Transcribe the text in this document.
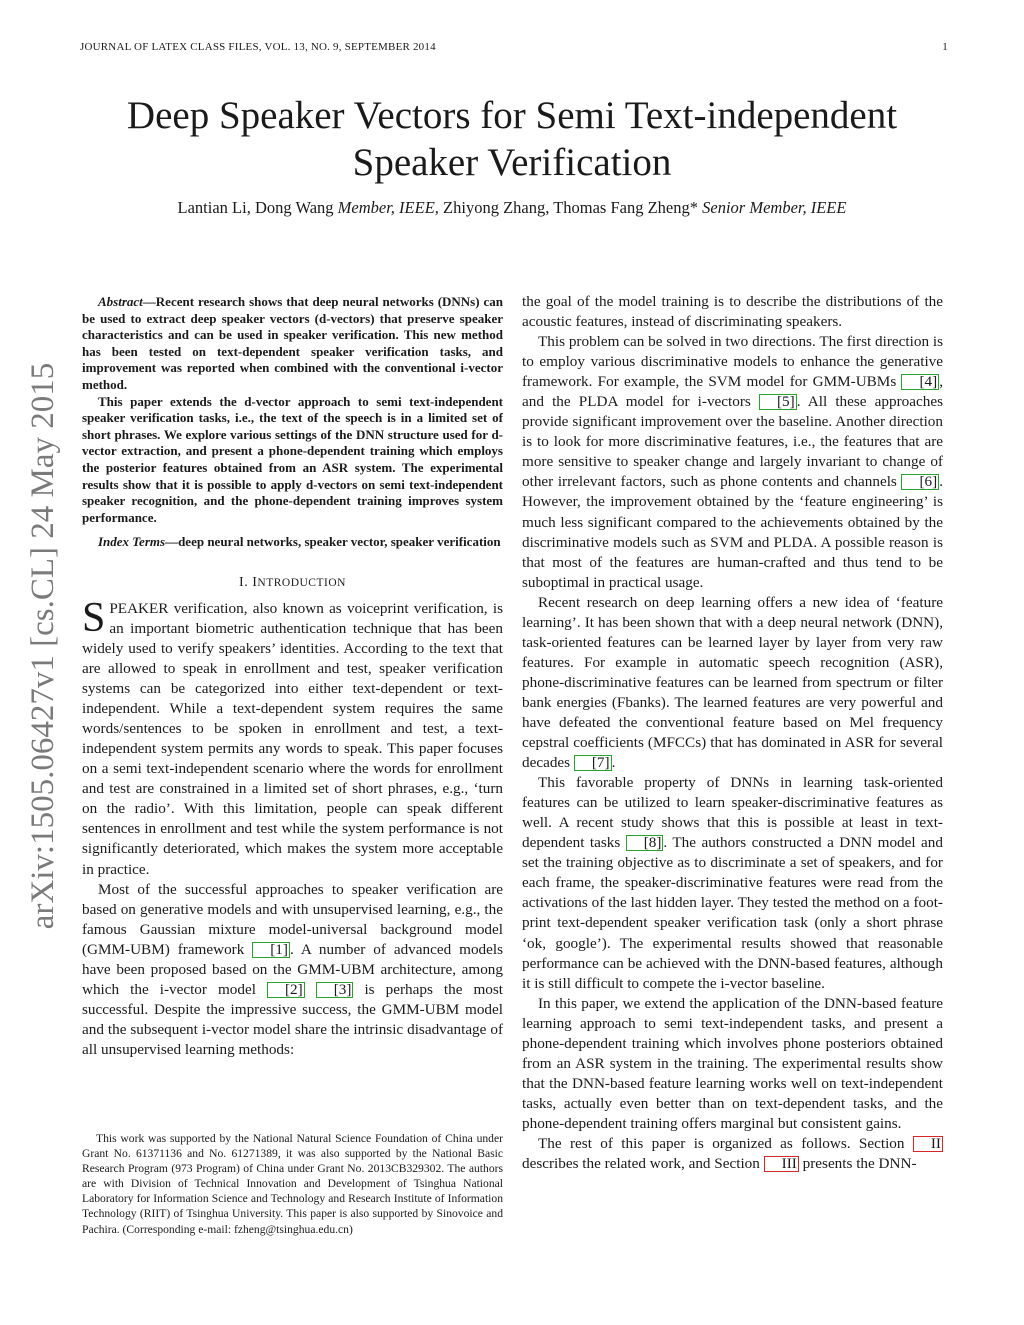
JOURNAL OF LATEX CLASS FILES, VOL. 13, NO. 9, SEPTEMBER 2014	1
arXiv:1505.06427v1 [cs.CL] 24 May 2015
Deep Speaker Vectors for Semi Text-independent Speaker Verification
Lantian Li, Dong Wang Member, IEEE, Zhiyong Zhang, Thomas Fang Zheng* Senior Member, IEEE

Abstract—Recent research shows that deep neural networks (DNNs) can be used to extract deep speaker vectors (d-vectors) that preserve speaker characteristics and can be used in speaker verification. This new method has been tested on text-dependent speaker verification tasks, and improvement was reported when combined with the conventional i-vector method.

This paper extends the d-vector approach to semi text-independent speaker verification tasks, i.e., the text of the speech is in a limited set of short phrases. We explore various settings of the DNN structure used for d-vector extraction, and present a phone-dependent training which employs the posterior features obtained from an ASR system. The experimental results show that it is possible to apply d-vectors on semi text-independent speaker recognition, and the phone-dependent training improves system performance.

Index Terms—deep neural networks, speaker vector, speaker verification

I. INTRODUCTION

SPEAKER verification, also known as voiceprint verification, is an important biometric authentication technique that has been widely used to verify speakers’ identities. According to the text that are allowed to speak in enrollment and test, speaker verification systems can be categorized into either text-dependent or text-independent. While a text-dependent system requires the same words/sentences to be spoken in enrollment and test, a text-independent system permits any words to speak. This paper focuses on a semi text-independent scenario where the words for enrollment and test are constrained in a limited set of short phrases, e.g., ‘turn on the radio’. With this limitation, people can speak different sentences in enrollment and test while the system performance is not significantly deteriorated, which makes the system more acceptable in practice.

Most of the successful approaches to speaker verification are based on generative models and with unsupervised learning, e.g., the famous Gaussian mixture model-universal background model (GMM-UBM) framework [1] . A number of advanced models have been proposed based on the GMM-UBM architecture, among which the i-vector model [2] [3] is perhaps the most successful. Despite the impressive success, the GMM-UBM model and the subsequent i-vector model share the intrinsic disadvantage of all unsupervised learning methods:

the goal of the model training is to describe the distributions of the acoustic features, instead of discriminating speakers.

This problem can be solved in two directions. The first direction is to employ various discriminative models to enhance the generative framework. For example, the SVM model for GMM-UBMs [4] , and the PLDA model for i-vectors [5] . All these approaches provide significant improvement over the baseline. Another direction is to look for more discriminative features, i.e., the features that are more sensitive to speaker change and largely invariant to change of other irrelevant factors, such as phone contents and channels [6] . However, the improvement obtained by the ‘feature engineering’ is much less significant compared to the achievements obtained by the discriminative models such as SVM and PLDA. A possible reason is that most of the features are human-crafted and thus tend to be suboptimal in practical usage.

Recent research on deep learning offers a new idea of ‘feature learning’. It has been shown that with a deep neural network (DNN), task-oriented features can be learned layer by layer from very raw features. For example in automatic speech recognition (ASR), phone-discriminative features can be learned from spectrum or filter bank energies (Fbanks). The learned features are very powerful and have defeated the conventional feature based on Mel frequency cepstral coefficients (MFCCs) that has dominated in ASR for several decades [7] .

This favorable property of DNNs in learning task-oriented features can be utilized to learn speaker-discriminative features as well. A recent study shows that this is possible at least in text-dependent tasks [8] . The authors constructed a DNN model and set the training objective as to discriminate a set of speakers, and for each frame, the speaker-discriminative features were read from the activations of the last hidden layer. They tested the method on a foot-print text-dependent speaker verification task (only a short phrase ‘ok, google’). The experimental results showed that reasonable performance can be achieved with the DNN-based features, although it is still difficult to compete the i-vector baseline.

In this paper, we extend the application of the DNN-based feature learning approach to semi text-independent tasks, and present a phone-dependent training which involves phone posteriors obtained from an ASR system in the training. The experimental results show that the DNN-based feature learning works well on text-independent tasks, actually even better than on text-dependent tasks, and the phone-dependent training offers marginal but consistent gains.

The rest of this paper is organized as follows. Section II describes the related work, and Section III presents the DNN-

This work was supported by the National Natural Science Foundation of China under Grant No. 61371136 and No. 61271389, it was also supported by the National Basic Research Program (973 Program) of China under Grant No. 2013CB329302. The authors are with Division of Technical Innovation and Development of Tsinghua National Laboratory for Information Science and Technology and Research Institute of Information Technology (RIIT) of Tsinghua University. This paper is also supported by Sinovoice and Pachira. (Corresponding e-mail: fzheng@tsinghua.edu.cn)
